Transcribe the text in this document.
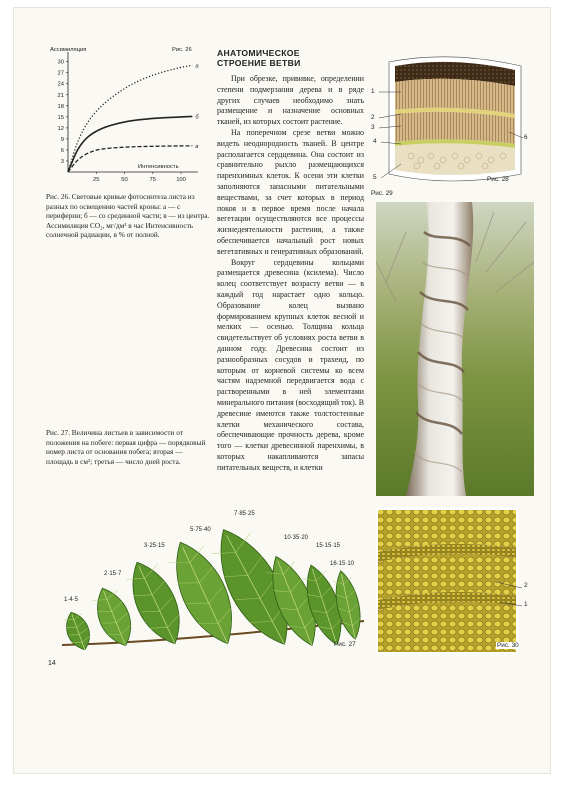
Ассимиляция	Рис. 26
Интенсивность
30
27
24
21
18
15
12
9
6
3
25	50	75	100
а
б
в
Рис. 26. Световые кривые фотосинтеза листа из разных по освещению частей кроны: а — с периферии; б — со срединной части; в — из центра. Ассимиляция CO₂, мг/дм² в час Интенсивность солнечной радиации, в % от полной.
Рис. 27. Величина листьев в зависимости от положения на побеге: первая цифра — порядковый номер листа от основания побега; вторая — площадь в см²; третья — число дней роста.
АНАТОМИЧЕСКОЕ
СТРОЕНИЕ ВЕТВИ

При обрезке, прививке, определении степени подмерзания дерева и в ряде других случаев необходимо знать размещение и назначение основных тканей, из которых состоит растение.

На поперечном срезе ветви можно видеть неоднородность тканей. В центре располагается сердцевина. Она состоит из сравнительно рыхло размещающихся паренхимных клеток. К осени эти клетки заполняются запасными питательными веществами, за счет которых в период покоя и в первое время после начала вегетации осуществляются все процессы жизнедеятельности растения, а также обеспечивается начальный рост новых вегетативных и генеративных образований.

Вокруг сердцевины кольцами размещается древесина (ксилема). Число колец соответствует возрасту ветви — в каждый год нарастает одно кольцо. Образование колец вызвано формированием крупных клеток весной и мелких — осенью. Толщина кольца свидетельствует об условиях роста ветви в данном году. Древесина состоит из разнообразных сосудов и трахеид, по которым от корневой системы ко всем частям надземной передвигается вода с растворенными в ней элементами минерального питания (восходящий ток). В древесине имеются также толстостенные клетки механического состава, обеспечивающие прочность дерева, кроме того — клетки древесинной паренхимы, в которых накапливаются запасы питательных веществ, и клетки

1
2
3
4
5
6
Рис. 28
Рис. 29
1·4·5
2·15·7
3·25·15
5·75·40
7·85·25
10·35·20
15·15·15
16·15·10
Рис. 27
2
1
Рис. 30
14
